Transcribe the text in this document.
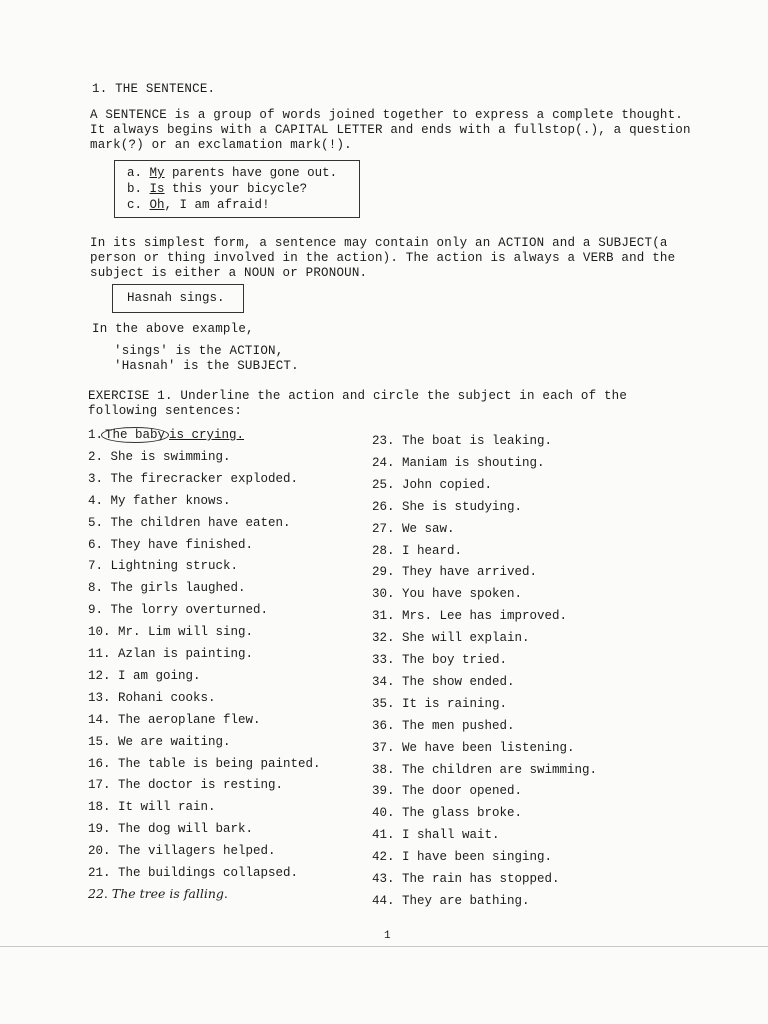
1. THE SENTENCE.
A SENTENCE is a group of words joined together to express a complete thought.
It always begins with a CAPITAL LETTER and ends with a fullstop(.), a question
mark(?) or an exclamation mark(!).
a. My parents have gone out.
b. Is this your bicycle?
c. Oh, I am afraid!
In its simplest form, a sentence may contain only an ACTION and a SUBJECT(a
person or thing involved in the action). The action is always a VERB and the
subject is either a NOUN or PRONOUN.
Hasnah sings.
In the above example,
'sings' is the ACTION,
'Hasnah' is the SUBJECT.
EXERCISE 1. Underline the action and circle the subject in each of the
following sentences:
1. The baby is crying.
2. She is swimming.
3. The firecracker exploded.
4. My father knows.
5. The children have eaten.
6. They have finished.
7. Lightning struck.
8. The girls laughed.
9. The lorry overturned.
10. Mr. Lim will sing.
11. Azlan is painting.
12. I am going.
13. Rohani cooks.
14. The aeroplane flew.
15. We are waiting.
16. The table is being painted.
17. The doctor is resting.
18. It will rain.
19. The dog will bark.
20. The villagers helped.
21. The buildings collapsed.
22. The tree is falling.
23. The boat is leaking.
24. Maniam is shouting.
25. John copied.
26. She is studying.
27. We saw.
28. I heard.
29. They have arrived.
30. You have spoken.
31. Mrs. Lee has improved.
32. She will explain.
33. The boy tried.
34. The show ended.
35. It is raining.
36. The men pushed.
37. We have been listening.
38. The children are swimming.
39. The door opened.
40. The glass broke.
41. I shall wait.
42. I have been singing.
43. The rain has stopped.
44. They are bathing.
1
